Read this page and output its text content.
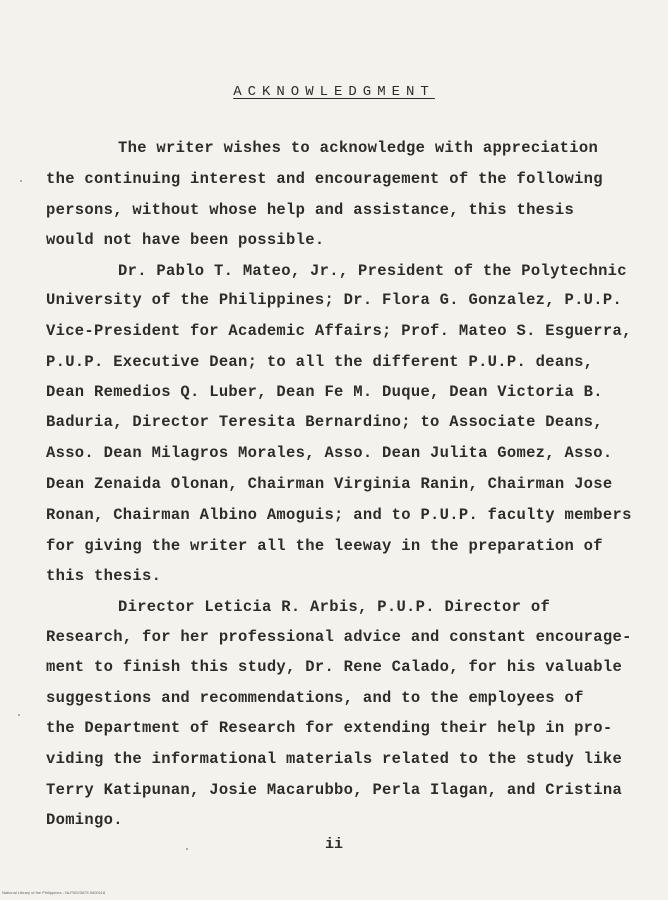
ACKNOWLEDGMENT
The writer wishes to acknowledge with appreciation
the continuing interest and encouragement of the following
persons, without whose help and assistance, this thesis
would not have been possible.
Dr. Pablo T. Mateo, Jr., President of the Polytechnic
University of the Philippines; Dr. Flora G. Gonzalez, P.U.P.
Vice-President for Academic Affairs; Prof. Mateo S. Esguerra,
P.U.P. Executive Dean; to all the different P.U.P. deans,
Dean Remedios Q. Luber, Dean Fe M. Duque, Dean Victoria B.
Baduria, Director Teresita Bernardino; to Associate Deans,
Asso. Dean Milagros Morales, Asso. Dean Julita Gomez, Asso.
Dean Zenaida Olonan, Chairman Virginia Ranin, Chairman Jose
Ronan, Chairman Albino Amoguis; and to P.U.P. faculty members
for giving the writer all the leeway in the preparation of
this thesis.
Director Leticia R. Arbis, P.U.P. Director of
Research, for her professional advice and constant encourage-
ment to finish this study, Dr. Rene Calado, for his valuable
suggestions and recommendations, and to the employees of
the Department of Research for extending their help in pro-
viding the informational materials related to the study like
Terry Katipunan, Josie Macarubbo, Perla Ilagan, and Cristina
Domingo.
ii
National Library of the Philippines - NLP0023679-9400118
